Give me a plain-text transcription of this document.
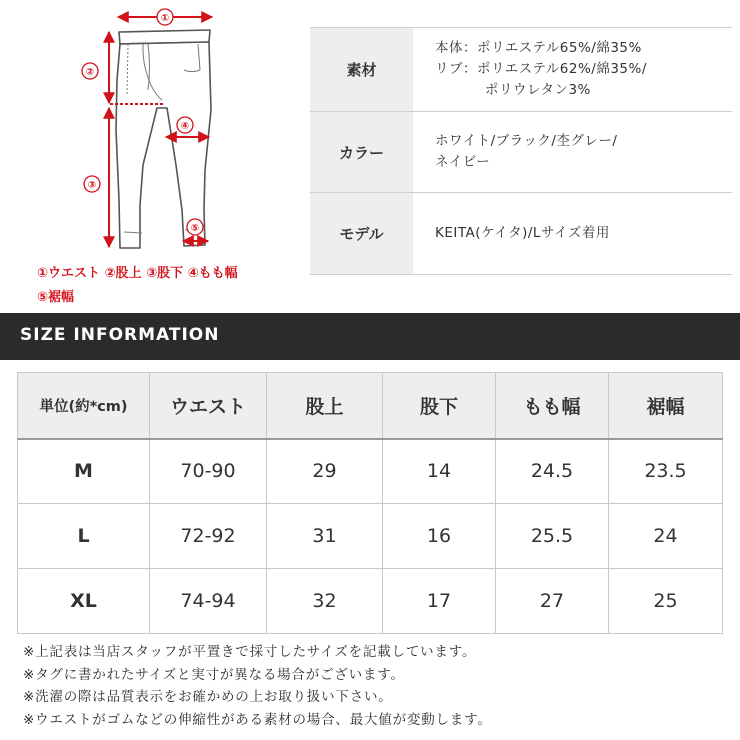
①
②
③
④
⑤
①ウエスト ②股上 ③股下 ④もも幅
⑤裾幅
素材	本体：ポリエステル65%/綿35%
リブ：ポリエステル62%/綿35%/
ポリウレタン3%

カラー	ホワイト/ブラック/杢グレー/
ネイビー

モデル	KEITA(ケイタ)/Lサイズ着用
SIZE INFORMATION
単位(約*cm)	ウエスト	股上	股下	もも幅	裾幅
M	70-90	29	14	24.5	23.5
L	72-92	31	16	25.5	24
XL	74-94	32	17	27	25

※上記表は当店スタッフが平置きで採寸したサイズを記載しています。

※タグに書かれたサイズと実寸が異なる場合がございます。

※洗濯の際は品質表示をお確かめの上お取り扱い下さい。

※ウエストがゴムなどの伸縮性がある素材の場合、最大値が変動します。
